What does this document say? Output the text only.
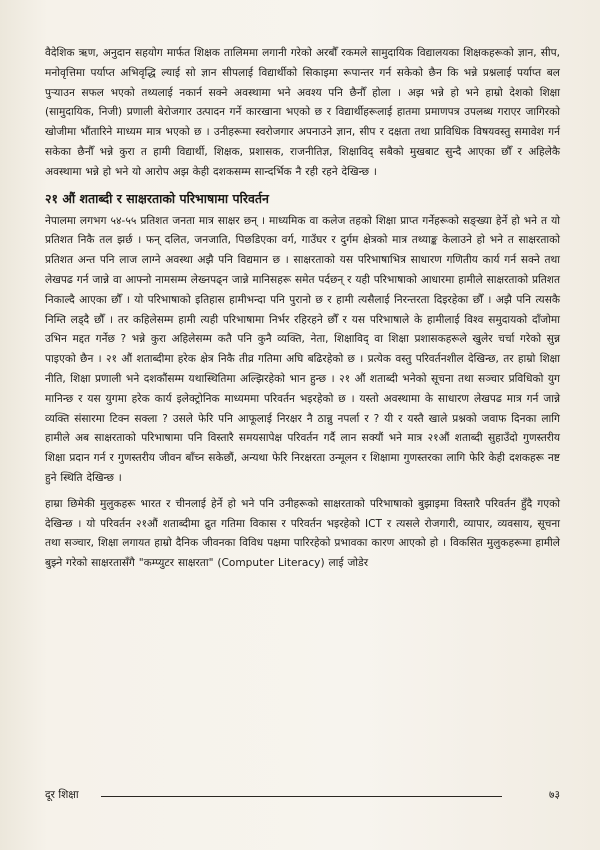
वैदेशिक ऋण, अनुदान सहयोग मार्फत शिक्षक तालिममा लगानी गरेको अरबौँ रकमले सामुदायिक विद्यालयका शिक्षकहरूको ज्ञान, सीप, मनोवृत्तिमा पर्याप्त अभिवृद्धि ल्याई सो ज्ञान सीपलाई विद्यार्थीको सिकाइमा रूपान्तर गर्न सकेको छैन कि भन्ने प्रश्नलाई पर्याप्त बल पुऱ्याउन सफल भएको तथ्यलाई नकार्न सक्ने अवस्थामा भने अवश्य पनि छैनौँ होला । अझ भन्ने हो भने हाम्रो देशको शिक्षा (सामुदायिक, निजी) प्रणाली बेरोजगार उत्पादन गर्ने कारखाना भएको छ र विद्यार्थीहरूलाई हातमा प्रमाणपत्र उपलब्ध गराएर जागिरको खोजीमा भौंतारिने माध्यम मात्र भएको छ । उनीहरूमा स्वरोजगार अपनाउने ज्ञान, सीप र दक्षता तथा प्राविधिक विषयवस्तु समावेश गर्न सकेका छैनौँ भन्ने कुरा त हामी विद्यार्थी, शिक्षक, प्रशासक, राजनीतिज्ञ, शिक्षाविद् सबैको मुखबाट सुन्दै आएका छौँ र अहिलेकै अवस्थामा भन्ने हो भने यो आरोप अझ केही दशकसम्म सान्दर्भिक नै रही रहने देखिन्छ ।

२१ औं शताब्दी र साक्षरताको परिभाषामा परिवर्तन

नेपालमा लगभग ५४-५५ प्रतिशत जनता मात्र साक्षर छन् । माध्यमिक वा कलेज तहको शिक्षा प्राप्त गर्नेहरूको सङ्ख्या हेर्ने हो भने त यो प्रतिशत निकै तल झर्छ । फन् दलित, जनजाति, पिछडिएका वर्ग, गाउँघर र दुर्गम क्षेत्रको मात्र तथ्याङ्क केलाउने हो भने त साक्षरताको प्रतिशत अन्त पनि लाज लाग्ने अवस्था अझै पनि विद्यमान छ । साक्षरताको यस परिभाषाभित्र साधारण गणितीय कार्य गर्न सक्ने तथा लेखपढ गर्न जान्ने वा आफ्नो नामसम्म लेख्नपढ्न जान्ने मानिसहरू समेत पर्दछन् र यही परिभाषाको आधारमा हामीले साक्षरताको प्रतिशत निकाल्दै आएका छौँ । यो परिभाषाको इतिहास हामीभन्दा पनि पुरानो छ र हामी त्यसैलाई निरन्तरता दिइरहेका छौँ । अझै पनि त्यसकै निम्ति लड्दै छौँ । तर कहिलेसम्म हामी त्यही परिभाषामा निर्भर रहिरहने छौँ र यस परिभाषाले के हामीलाई विश्व समुदायको दाँजोमा उभिन मद्दत गर्नेछ ? भन्ने कुरा अहिलेसम्म कतै पनि कुनै व्यक्ति, नेता, शिक्षाविद् वा शिक्षा प्रशासकहरूले खुलेर चर्चा गरेको सुन्न पाइएको छैन । २१ औं शताब्दीमा हरेक क्षेत्र निकै तीव्र गतिमा अघि बढिरहेको छ । प्रत्येक वस्तु परिवर्तनशील देखिन्छ, तर हाम्रो शिक्षा नीति, शिक्षा प्रणाली भने दशकौंसम्म यथास्थितिमा अल्झिरहेको भान हुन्छ । २१ औं शताब्दी भनेको सूचना तथा सञ्चार प्रविधिको युग मानिन्छ र यस युगमा हरेक कार्य इलेक्ट्रोनिक माध्यममा परिवर्तन भइरहेको छ । यस्तो अवस्थामा के साधारण लेखपढ मात्र गर्न जान्ने व्यक्ति संसारमा टिक्न सक्ला ? उसले फेरि पनि आफूलाई निरक्षर नै ठान्नु नपर्ला र ? यी र यस्तै खाले प्रश्नको जवाफ दिनका लागि हामीले अब साक्षरताको परिभाषामा पनि विस्तारै समयसापेक्ष परिवर्तन गर्दै लान सक्यौं भने मात्र २१औं शताब्दी सुहाउँदो गुणस्तरीय शिक्षा प्रदान गर्न र गुणस्तरीय जीवन बाँच्न सकेछौं, अन्यथा फेरि निरक्षरता उन्मूलन र शिक्षामा गुणस्तरका लागि फेरि केही दशकहरू नष्ट हुने स्थिति देखिन्छ ।

हाम्रा छिमेकी मुलुकहरू भारत र चीनलाई हेर्ने हो भने पनि उनीहरूको साक्षरताको परिभाषाको बुझाइमा विस्तारै परिवर्तन हुँदै गएको देखिन्छ । यो परिवर्तन २१औं शताब्दीमा द्रुत गतिमा विकास र परिवर्तन भइरहेको ICT र त्यसले रोजगारी, व्यापार, व्यवसाय, सूचना तथा सञ्चार, शिक्षा लगायत हाम्रो दैनिक जीवनका विविध पक्षमा पारिरहेको प्रभावका कारण आएको हो । विकसित मुलुकहरूमा हामीले बुझ्ने गरेको साक्षरतासँगै "कम्प्युटर साक्षरता" (Computer Literacy) लाई जोडेर

दूर शिक्षा	७३
